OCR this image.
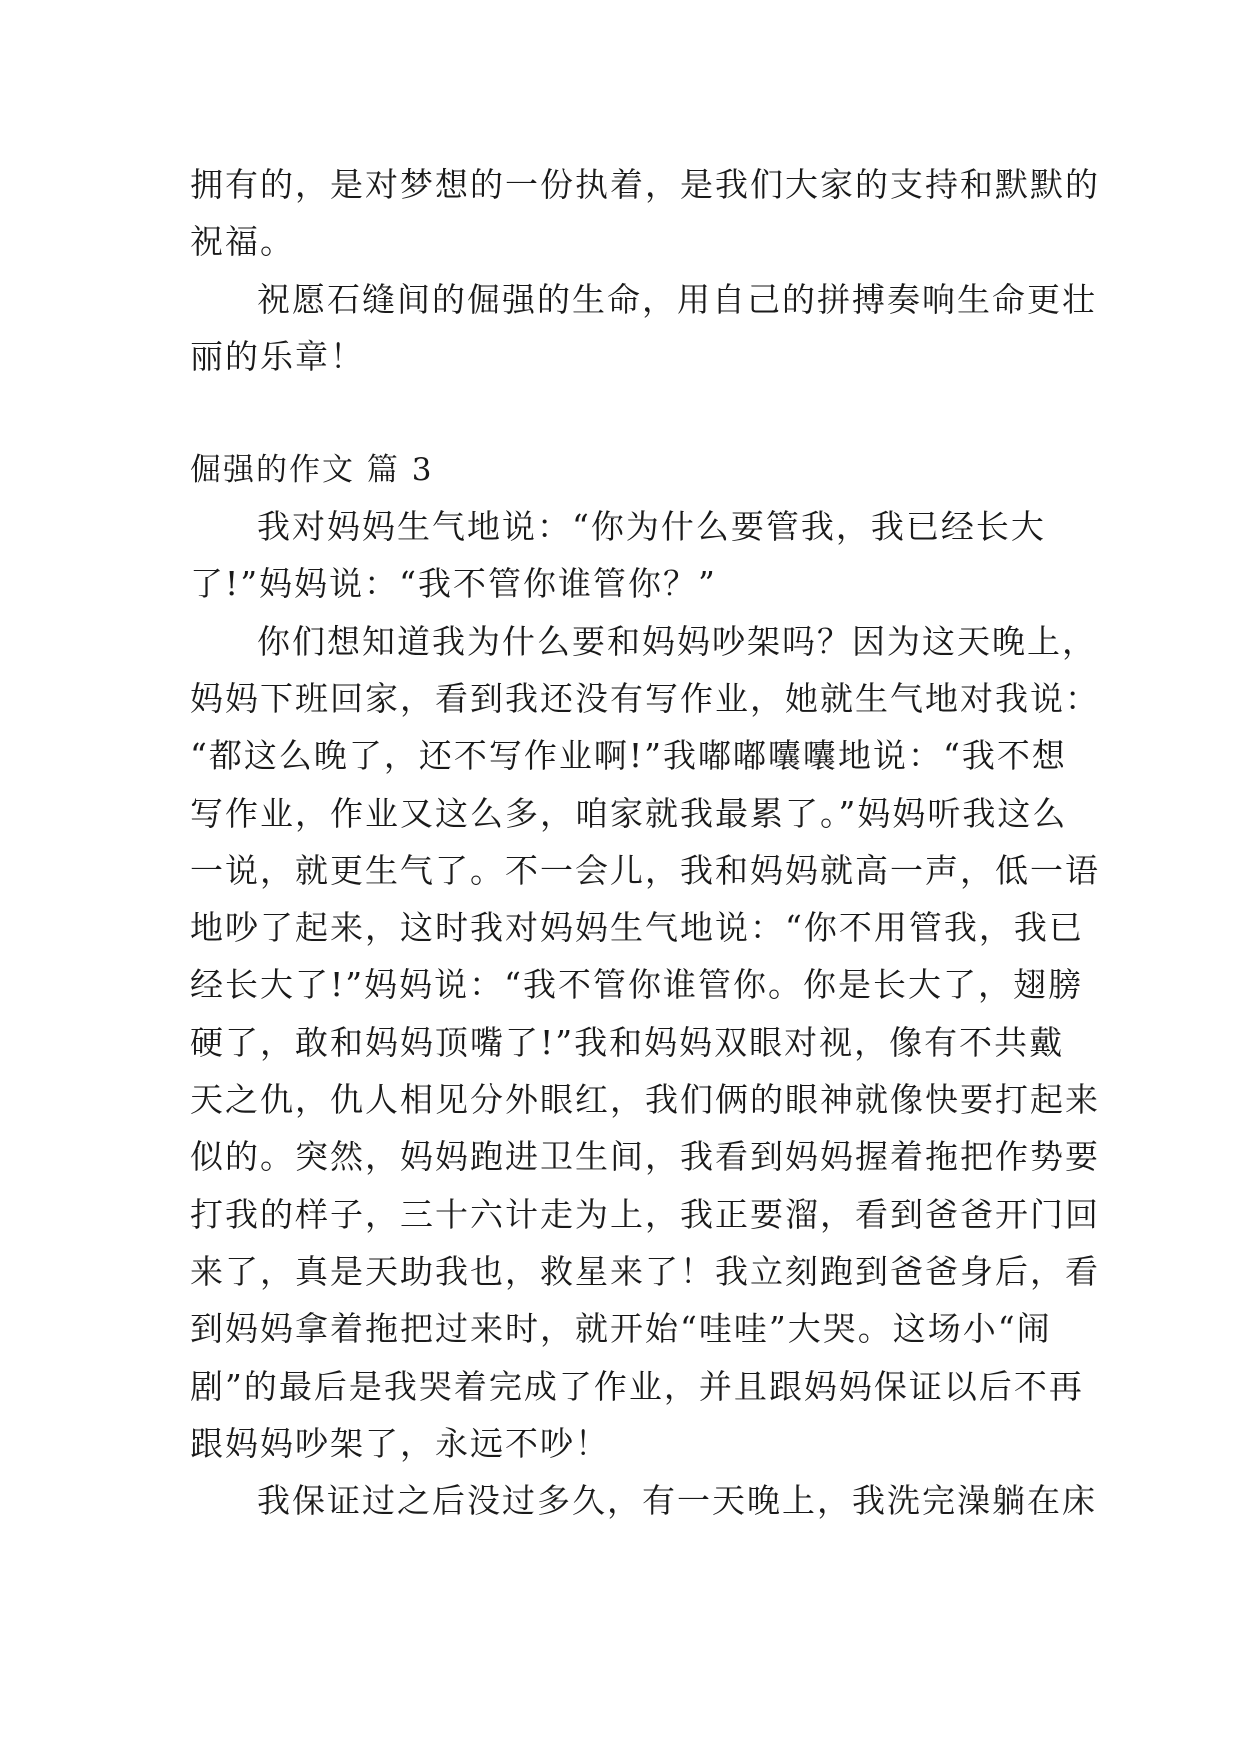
拥有的，是对梦想的一份执着，是我们大家的支持和默默的
祝福。
祝愿石缝间的倔强的生命，用自己的拼搏奏响生命更壮
丽的乐章！
倔强的作文 篇 3
我对妈妈生气地说：“你为什么要管我，我已经长大
了!”妈妈说：“我不管你谁管你？”
你们想知道我为什么要和妈妈吵架吗？因为这天晚上，
妈妈下班回家，看到我还没有写作业，她就生气地对我说：
“都这么晚了，还不写作业啊!”我嘟嘟囔囔地说：“我不想
写作业，作业又这么多，咱家就我最累了。”妈妈听我这么
一说，就更生气了。不一会儿，我和妈妈就高一声，低一语
地吵了起来，这时我对妈妈生气地说：“你不用管我，我已
经长大了!”妈妈说：“我不管你谁管你。你是长大了，翅膀
硬了，敢和妈妈顶嘴了!”我和妈妈双眼对视，像有不共戴
天之仇，仇人相见分外眼红，我们俩的眼神就像快要打起来
似的。突然，妈妈跑进卫生间，我看到妈妈握着拖把作势要
打我的样子，三十六计走为上，我正要溜，看到爸爸开门回
来了，真是天助我也，救星来了！我立刻跑到爸爸身后，看
到妈妈拿着拖把过来时，就开始“哇哇”大哭。这场小“闹
剧”的最后是我哭着完成了作业，并且跟妈妈保证以后不再
跟妈妈吵架了，永远不吵！
我保证过之后没过多久，有一天晚上，我洗完澡躺在床
